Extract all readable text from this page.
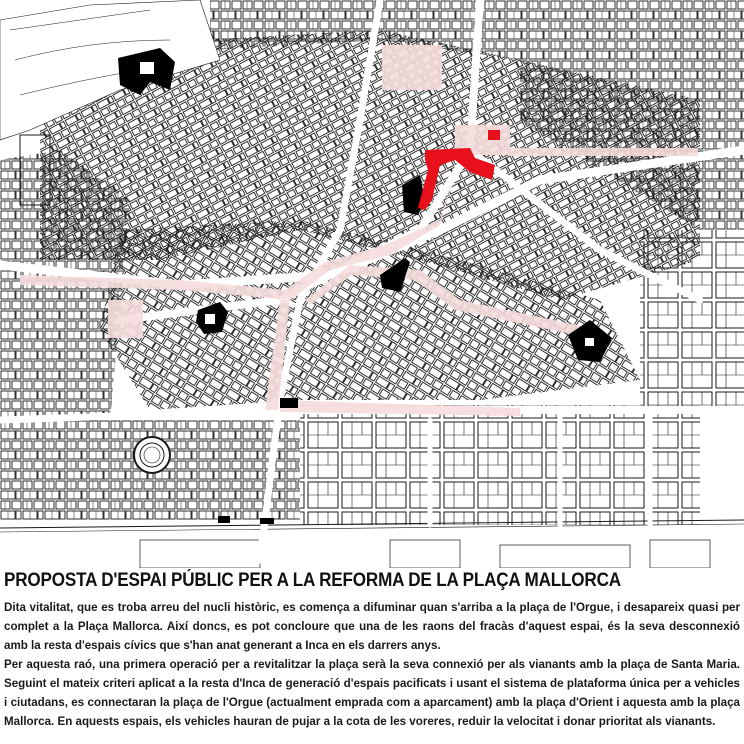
PROPOSTA D'ESPAI PÚBLIC PER A LA REFORMA DE LA PLAÇA MALLORCA

Dita vitalitat, que es troba arreu del nucli històric, es comença a difuminar quan s'arriba a la plaça de l'Orgue, i desapareix quasi per complet a la Plaça Mallorca. Així doncs, es pot concloure que una de les raons del fracàs d'aquest espai, és la seva desconnexió amb la resta d'espais cívics que s'han anat generant a Inca en els darrers anys.

Per aquesta raó, una primera operació per a revitalitzar la plaça serà la seva connexió per als vianants amb la plaça de Santa Maria. Seguint el mateix criteri aplicat a la resta d'Inca de generació d'espais pacificats i usant el sistema de plataforma única per a vehicles i ciutadans, es connectaran la plaça de l'Orgue (actualment emprada com a aparcament) amb la plaça d'Orient i aquesta amb la plaça Mallorca. En aquests espais, els vehicles hauran de pujar a la cota de les voreres, reduir la velocitat i donar prioritat als vianants.
